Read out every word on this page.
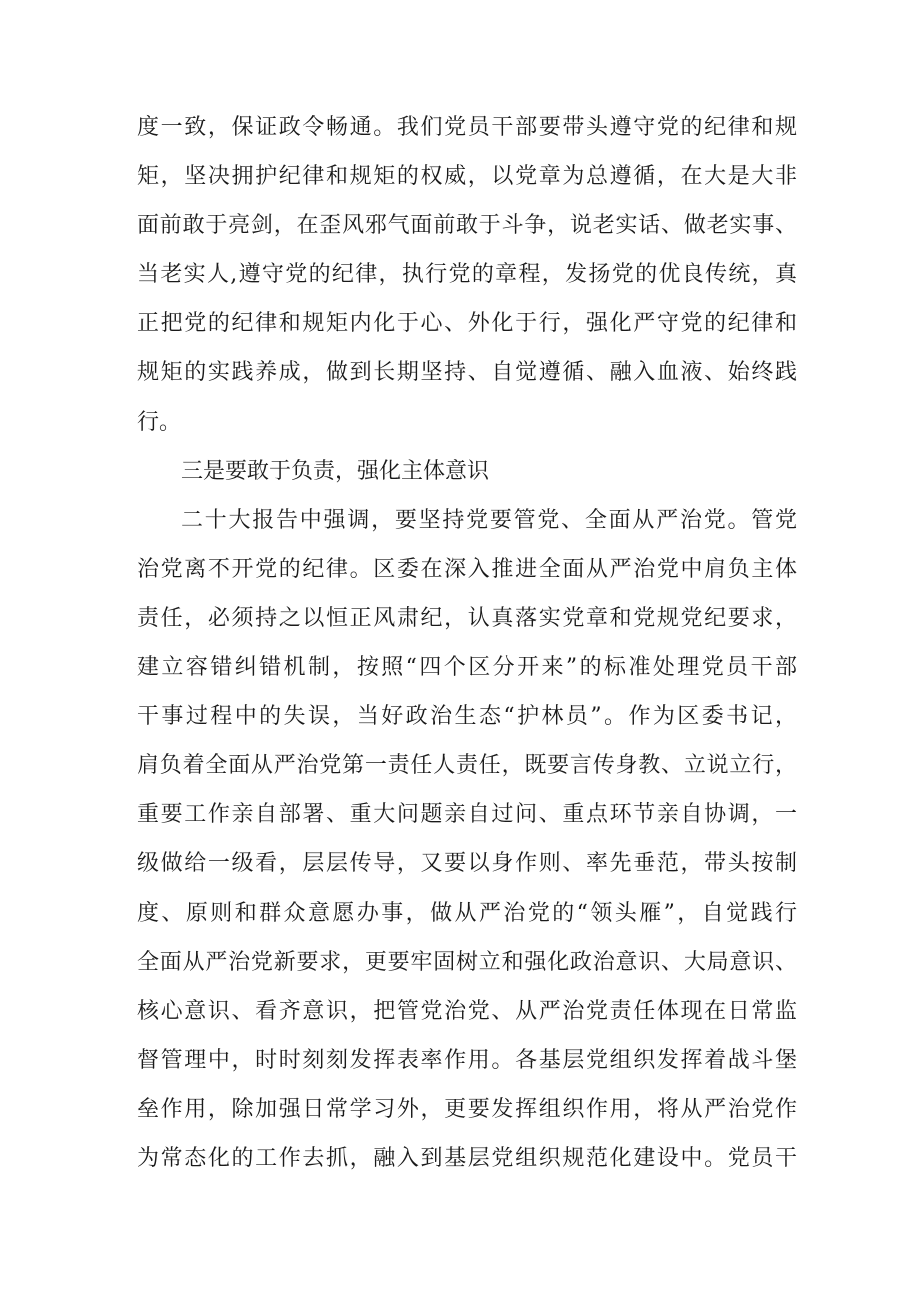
度一致，保证政令畅通。我们党员干部要带头遵守党的纪律和规
矩，坚决拥护纪律和规矩的权威，以党章为总遵循，在大是大非
面前敢于亮剑，在歪风邪气面前敢于斗争，说老实话、做老实事、
当老实人,遵守党的纪律，执行党的章程，发扬党的优良传统，真
正把党的纪律和规矩内化于心、外化于行，强化严守党的纪律和
规矩的实践养成，做到长期坚持、自觉遵循、融入血液、始终践
行。
三是要敢于负责，强化主体意识
二十大报告中强调，要坚持党要管党、全面从严治党。管党
治党离不开党的纪律。区委在深入推进全面从严治党中肩负主体
责任，必须持之以恒正风肃纪，认真落实党章和党规党纪要求，
建立容错纠错机制，按照“四个区分开来”的标准处理党员干部
干事过程中的失误，当好政治生态“护林员”。作为区委书记，
肩负着全面从严治党第一责任人责任，既要言传身教、立说立行，
重要工作亲自部署、重大问题亲自过问、重点环节亲自协调，一
级做给一级看，层层传导，又要以身作则、率先垂范，带头按制
度、原则和群众意愿办事，做从严治党的“领头雁”，自觉践行
全面从严治党新要求，更要牢固树立和强化政治意识、大局意识、
核心意识、看齐意识，把管党治党、从严治党责任体现在日常监
督管理中，时时刻刻发挥表率作用。各基层党组织发挥着战斗堡
垒作用，除加强日常学习外，更要发挥组织作用，将从严治党作
为常态化的工作去抓，融入到基层党组织规范化建设中。党员干
